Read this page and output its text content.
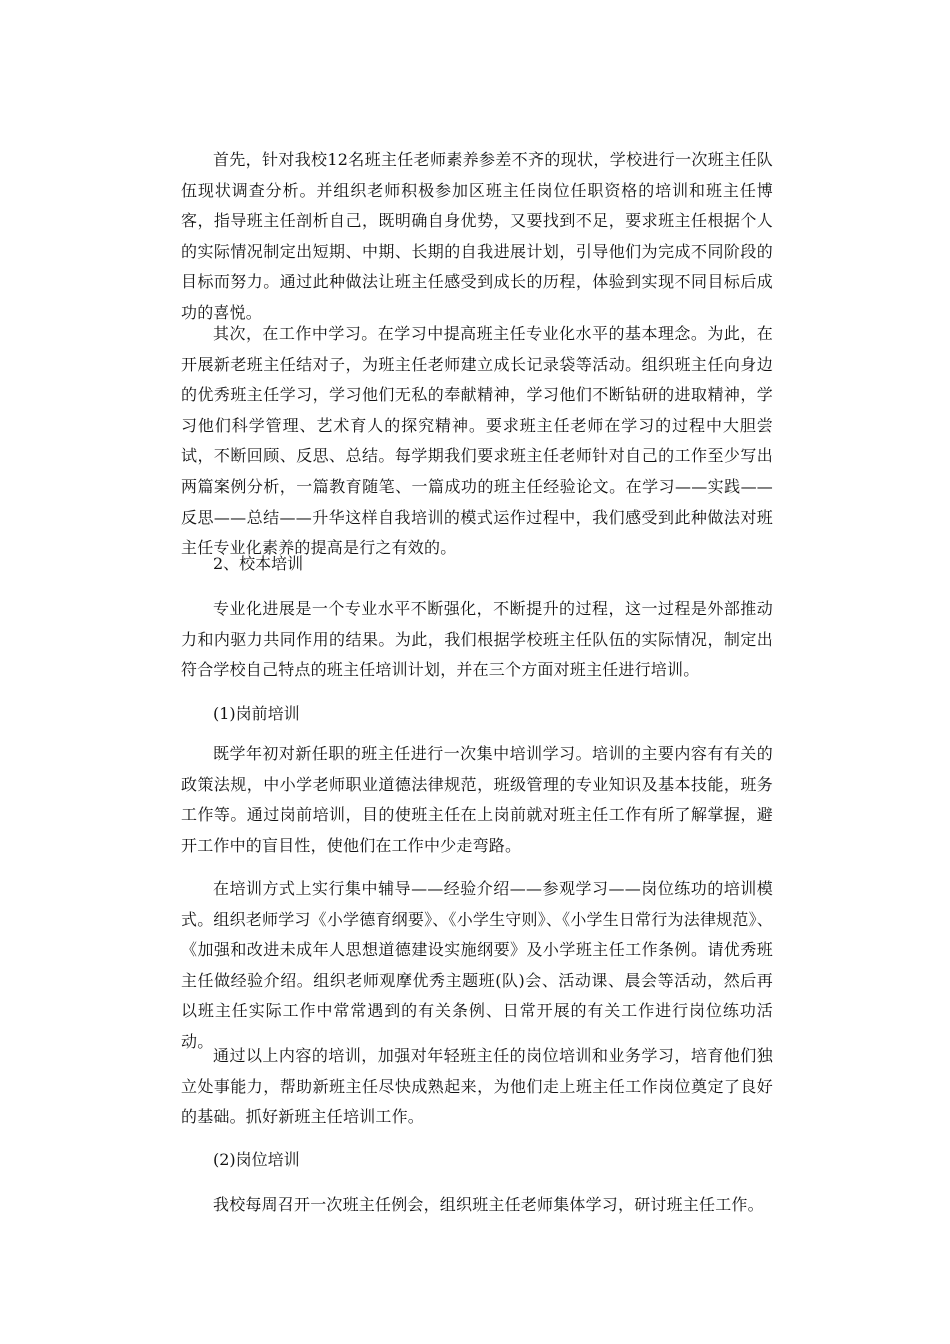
首先，针对我校12名班主任老师素养参差不齐的现状，学校进行一次班主任队伍现状调查分析。并组织老师积极参加区班主任岗位任职资格的培训和班主任博客，指导班主任剖析自己，既明确自身优势，又要找到不足，要求班主任根据个人的实际情况制定出短期、中期、长期的自我进展计划，引导他们为完成不同阶段的目标而努力。通过此种做法让班主任感受到成长的历程，体验到实现不同目标后成功的喜悦。

其次，在工作中学习。在学习中提高班主任专业化水平的基本理念。为此，在开展新老班主任结对子，为班主任老师建立成长记录袋等活动。组织班主任向身边的优秀班主任学习，学习他们无私的奉献精神，学习他们不断钻研的进取精神，学习他们科学管理、艺术育人的探究精神。要求班主任老师在学习的过程中大胆尝试，不断回顾、反思、总结。每学期我们要求班主任老师针对自己的工作至少写出两篇案例分析，一篇教育随笔、一篇成功的班主任经验论文。在学习——实践——反思——总结——升华这样自我培训的模式运作过程中，我们感受到此种做法对班主任专业化素养的提高是行之有效的。

2、校本培训

专业化进展是一个专业水平不断强化，不断提升的过程，这一过程是外部推动力和内驱力共同作用的结果。为此，我们根据学校班主任队伍的实际情况，制定出符合学校自己特点的班主任培训计划，并在三个方面对班主任进行培训。

(1)岗前培训

既学年初对新任职的班主任进行一次集中培训学习。培训的主要内容有有关的政策法规，中小学老师职业道德法律规范，班级管理的专业知识及基本技能，班务工作等。通过岗前培训，目的使班主任在上岗前就对班主任工作有所了解掌握，避开工作中的盲目性，使他们在工作中少走弯路。

在培训方式上实行集中辅导——经验介绍——参观学习——岗位练功的培训模式。组织老师学习《小学德育纲要》、《小学生守则》、《小学生日常行为法律规范》、《加强和改进未成年人思想道德建设实施纲要》及小学班主任工作条例。请优秀班主任做经验介绍。组织老师观摩优秀主题班(队)会、活动课、晨会等活动，然后再以班主任实际工作中常常遇到的有关条例、日常开展的有关工作进行岗位练功活动。

通过以上内容的培训，加强对年轻班主任的岗位培训和业务学习，培育他们独立处事能力，帮助新班主任尽快成熟起来，为他们走上班主任工作岗位奠定了良好的基础。抓好新班主任培训工作。

(2)岗位培训

我校每周召开一次班主任例会，组织班主任老师集体学习，研讨班主任工作。
